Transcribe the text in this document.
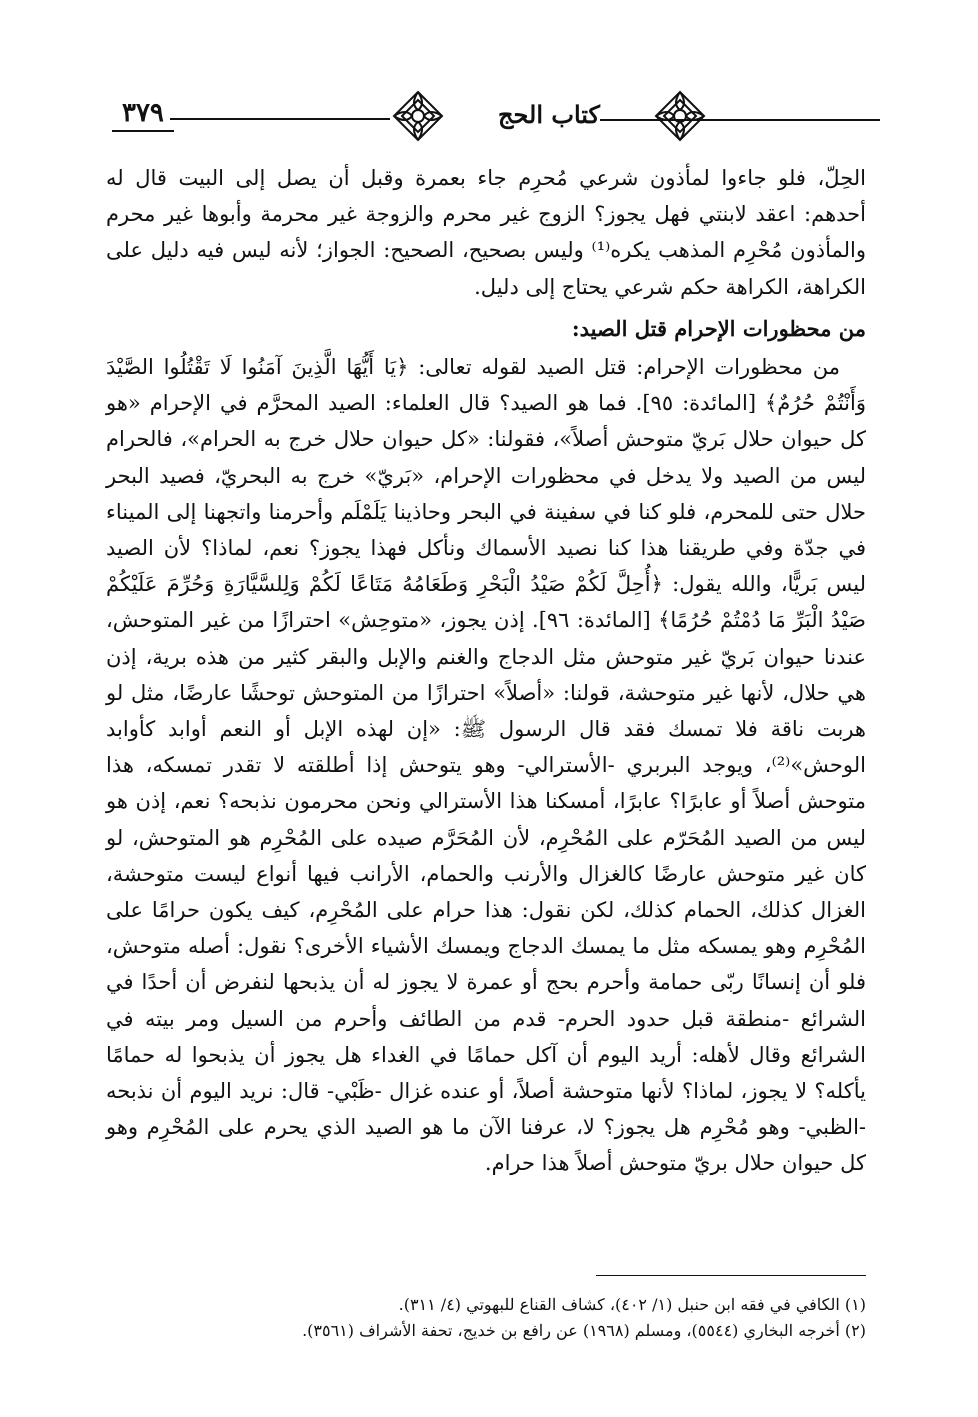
٣٧٩	كتاب الحج

الحِلّ، فلو جاءوا لمأذون شرعي مُحرِم جاء بعمرة وقبل أن يصل إلى البيت قال له أحدهم: اعقد لابنتي فهل يجوز؟ الزوج غير محرم والزوجة غير محرمة وأبوها غير محرم والمأذون مُحْرِم المذهب يكره⁽¹⁾ وليس بصحيح، الصحيح: الجواز؛ لأنه ليس فيه دليل على الكراهة، الكراهة حكم شرعي يحتاج إلى دليل.

من محظورات الإحرام قتل الصيد:

من محظورات الإحرام: قتل الصيد لقوله تعالى: ﴿يَا أَيُّهَا الَّذِينَ آمَنُوا لَا تَقْتُلُوا الصَّيْدَ وَأَنْتُمْ حُرُمٌ﴾ [المائدة: ٩٥]. فما هو الصيد؟ قال العلماء: الصيد المحرَّم في الإحرام «هو كل حيوان حلال بَريّ متوحش أصلاً»، فقولنا: «كل حيوان حلال خرج به الحرام»، فالحرام ليس من الصيد ولا يدخل في محظورات الإحرام، «بَريّ» خرج به البحريّ، فصيد البحر حلال حتى للمحرم، فلو كنا في سفينة في البحر وحاذينا يَلَمْلَم وأحرمنا واتجهنا إلى الميناء في جدّة وفي طريقنا هذا كنا نصيد الأسماك ونأكل فهذا يجوز؟ نعم، لماذا؟ لأن الصيد ليس بَريًّا، والله يقول: ﴿أُحِلَّ لَكُمْ صَيْدُ الْبَحْرِ وَطَعَامُهُ مَتَاعًا لَكُمْ وَلِلسَّيَّارَةِ وَحُرِّمَ عَلَيْكُمْ صَيْدُ الْبَرِّ مَا دُمْتُمْ حُرُمًا﴾ [المائدة: ٩٦]. إذن يجوز، «متوحِش» احترازًا من غير المتوحش، عندنا حيوان بَريّ غير متوحش مثل الدجاج والغنم والإبل والبقر كثير من هذه برية، إذن هي حلال، لأنها غير متوحشة، قولنا: «أصلاً» احترازًا من المتوحش توحشًا عارضًا، مثل لو هربت ناقة فلا تمسك فقد قال الرسول ﷺ: «إن لهذه الإبل أو النعم أوابد كأوابد الوحش»⁽²⁾، ويوجد البربري -الأسترالي- وهو يتوحش إذا أطلقته لا تقدر تمسكه، هذا متوحش أصلاً أو عابرًا؟ عابرًا، أمسكنا هذا الأسترالي ونحن محرمون نذبحه؟ نعم، إذن هو ليس من الصيد المُحَرّم على المُحْرِم، لأن المُحَرَّم صيده على المُحْرِم هو المتوحش، لو كان غير متوحش عارضًا كالغزال والأرنب والحمام، الأرانب فيها أنواع ليست متوحشة، الغزال كذلك، الحمام كذلك، لكن نقول: هذا حرام على المُحْرِم، كيف يكون حرامًا على المُحْرِم وهو يمسكه مثل ما يمسك الدجاج ويمسك الأشياء الأخرى؟ نقول: أصله متوحش، فلو أن إنسانًا ربّى حمامة وأحرم بحج أو عمرة لا يجوز له أن يذبحها لنفرض أن أحدًا في الشرائع -منطقة قبل حدود الحرم- قدم من الطائف وأحرم من السيل ومر بيته في الشرائع وقال لأهله: أريد اليوم أن آكل حمامًا في الغداء هل يجوز أن يذبحوا له حمامًا يأكله؟ لا يجوز، لماذا؟ لأنها متوحشة أصلاً، أو عنده غزال -ظَبْي- قال: نريد اليوم أن نذبحه -الظبي- وهو مُحْرِم هل يجوز؟ لا، عرفنا الآن ما هو الصيد الذي يحرم على المُحْرِم وهو كل حيوان حلال بريّ متوحش أصلاً هذا حرام.

(١) الكافي في فقه ابن حنبل (١/ ٤٠٢)، كشاف القناع للبهوتي (٤/ ٣١١).

(٢) أخرجه البخاري (٥٥٤٤)، ومسلم (١٩٦٨) عن رافع بن خديج، تحفة الأشراف (٣٥٦١).
